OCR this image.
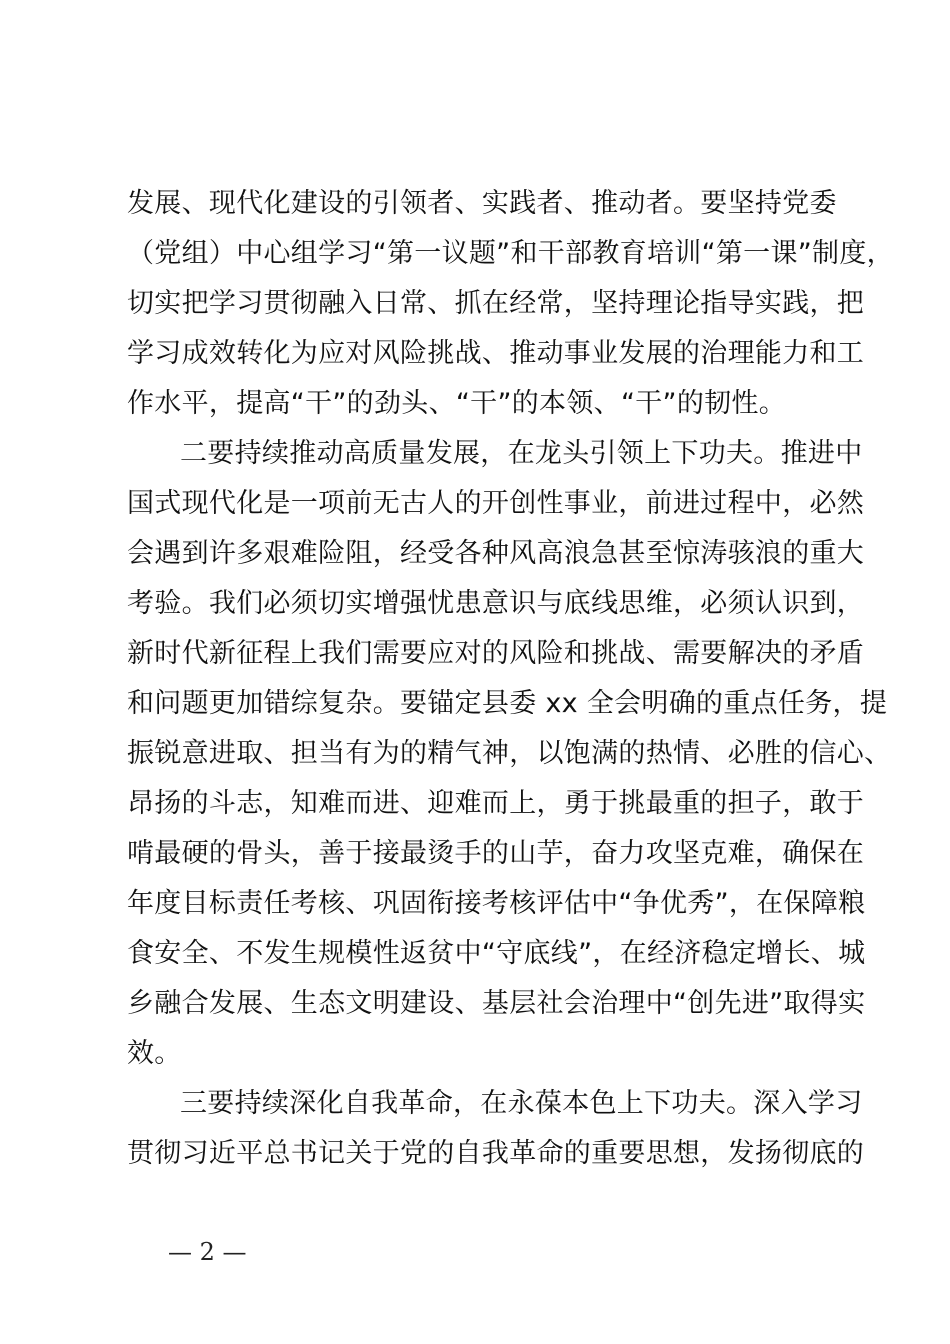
发展、现代化建设的引领者、实践者、推动者。要坚持党委
（党组）中心组学习“第一议题”和干部教育培训“第一课”制度，
切实把学习贯彻融入日常、抓在经常，坚持理论指导实践，把
学习成效转化为应对风险挑战、推动事业发展的治理能力和工
作水平，提高“干”的劲头、“干”的本领、“干”的韧性。
二要持续推动高质量发展，在龙头引领上下功夫。推进中
国式现代化是一项前无古人的开创性事业，前进过程中，必然
会遇到许多艰难险阻，经受各种风高浪急甚至惊涛骇浪的重大
考验。我们必须切实增强忧患意识与底线思维，必须认识到，
新时代新征程上我们需要应对的风险和挑战、需要解决的矛盾
和问题更加错综复杂。要锚定县委 xx 全会明确的重点任务，提
振锐意进取、担当有为的精气神，以饱满的热情、必胜的信心、
昂扬的斗志，知难而进、迎难而上，勇于挑最重的担子，敢于
啃最硬的骨头，善于接最烫手的山芋，奋力攻坚克难，确保在
年度目标责任考核、巩固衔接考核评估中“争优秀”，在保障粮
食安全、不发生规模性返贫中“守底线”，在经济稳定增长、城
乡融合发展、生态文明建设、基层社会治理中“创先进”取得实
效。
三要持续深化自我革命，在永葆本色上下功夫。深入学习
贯彻习近平总书记关于党的自我革命的重要思想，发扬彻底的
— 2 —
